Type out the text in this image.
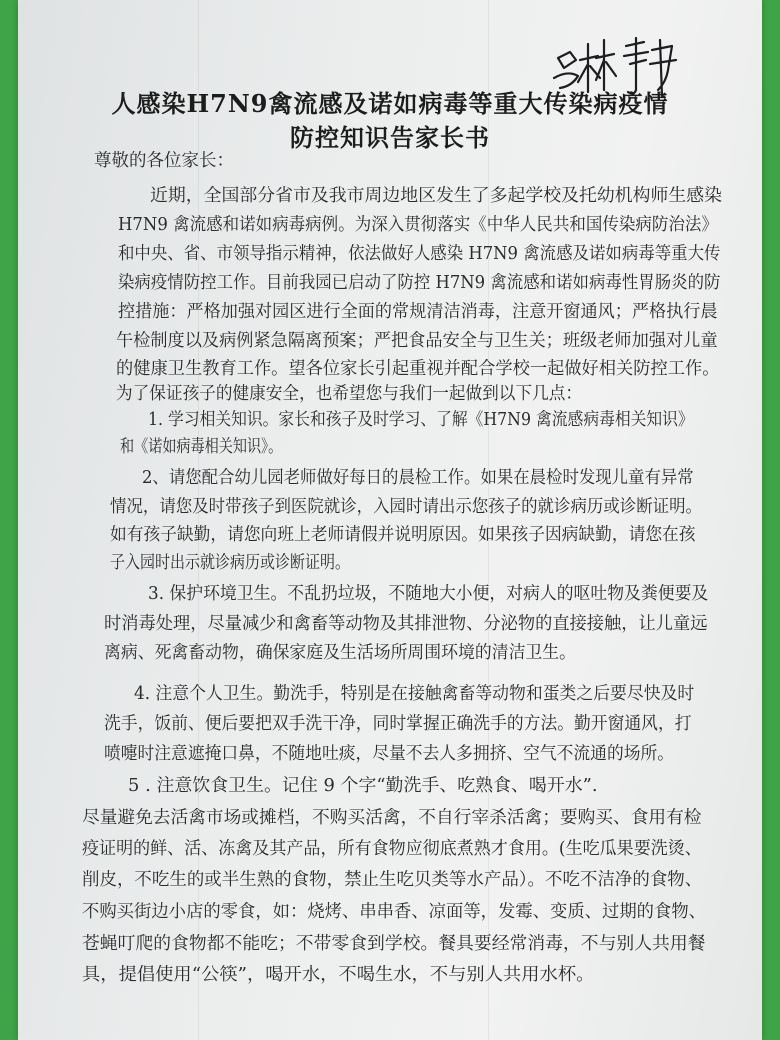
人感染H7N9禽流感及诺如病毒等重大传染病疫情
防控知识告家长书
尊敬的各位家长：
近期，全国部分省市及我市周边地区发生了多起学校及托幼机构师生感染
H7N9 禽流感和诺如病毒病例。为深入贯彻落实《中华人民共和国传染病防治法》
和中央、省、市领导指示精神，依法做好人感染 H7N9 禽流感及诺如病毒等重大传
染病疫情防控工作。目前我园已启动了防控 H7N9 禽流感和诺如病毒性胃肠炎的防
控措施：严格加强对园区进行全面的常规清洁消毒，注意开窗通风；严格执行晨
午检制度以及病例紧急隔离预案；严把食品安全与卫生关；班级老师加强对儿童
的健康卫生教育工作。望各位家长引起重视并配合学校一起做好相关防控工作。
为了保证孩子的健康安全，也希望您与我们一起做到以下几点：
1. 学习相关知识。家长和孩子及时学习、了解《H7N9 禽流感病毒相关知识》
和《诺如病毒相关知识》。
2、请您配合幼儿园老师做好每日的晨检工作。如果在晨检时发现儿童有异常
情况，请您及时带孩子到医院就诊，入园时请出示您孩子的就诊病历或诊断证明。
如有孩子缺勤，请您向班上老师请假并说明原因。如果孩子因病缺勤，请您在孩
子入园时出示就诊病历或诊断证明。
3. 保护环境卫生。不乱扔垃圾，不随地大小便，对病人的呕吐物及粪便要及
时消毒处理，尽量减少和禽畜等动物及其排泄物、分泌物的直接接触，让儿童远
离病、死禽畜动物，确保家庭及生活场所周围环境的清洁卫生。
4. 注意个人卫生。勤洗手，特别是在接触禽畜等动物和蛋类之后要尽快及时
洗手，饭前、便后要把双手洗干净，同时掌握正确洗手的方法。勤开窗通风，打
喷嚏时注意遮掩口鼻，不随地吐痰，尽量不去人多拥挤、空气不流通的场所。
5 . 注意饮食卫生。记住 9 个字“勤洗手、吃熟食、喝开水”.
尽量避免去活禽市场或摊档，不购买活禽，不自行宰杀活禽；要购买、食用有检
疫证明的鲜、活、冻禽及其产品，所有食物应彻底煮熟才食用。(生吃瓜果要洗烫、
削皮，不吃生的或半生熟的食物，禁止生吃贝类等水产品）。不吃不洁净的食物、
不购买街边小店的零食，如：烧烤、串串香、凉面等，发霉、变质、过期的食物、
苍蝇叮爬的食物都不能吃；不带零食到学校。餐具要经常消毒，不与别人共用餐
具，提倡使用“公筷”，喝开水，不喝生水，不与别人共用水杯。
